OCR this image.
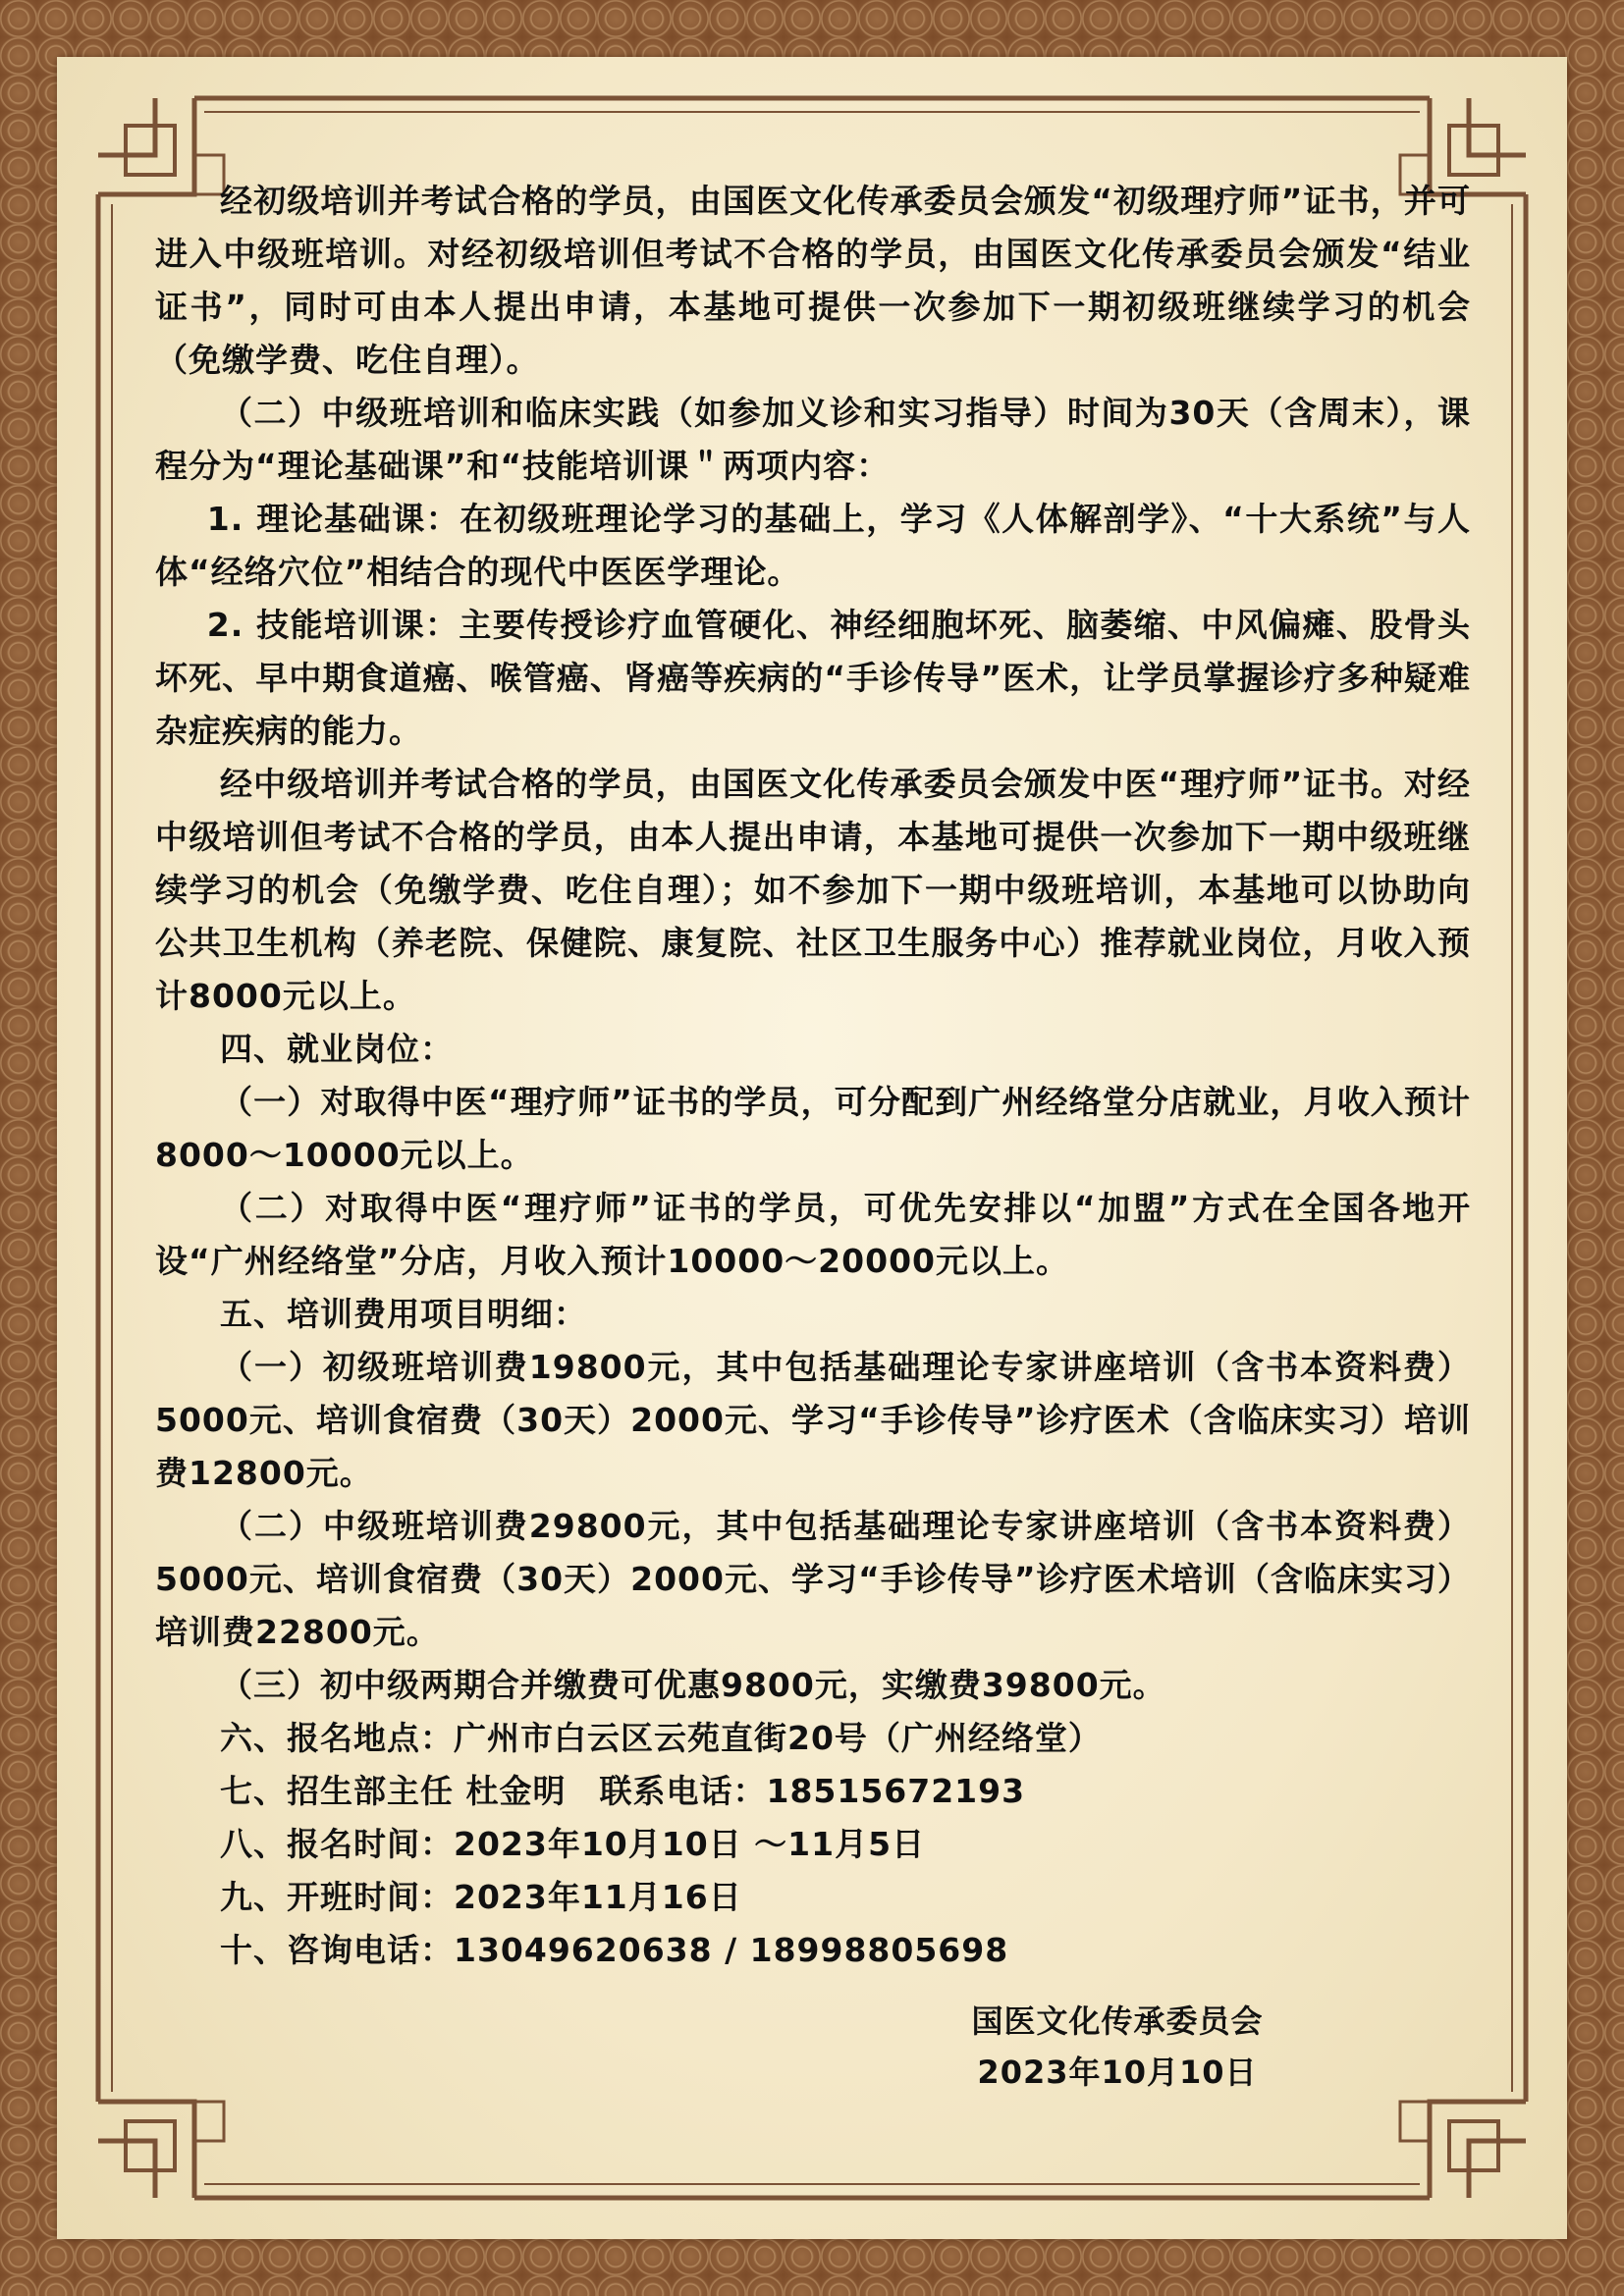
经初级培训并考试合格的学员，由国医文化传承委员会颁发“初级理疗师”证书，并可进入中级班培训。对经初级培训但考试不合格的学员，由国医文化传承委员会颁发“结业证书”，同时可由本人提出申请，本基地可提供一次参加下一期初级班继续学习的机会（免缴学费、吃住自理）。

（二）中级班培训和临床实践（如参加义诊和实习指导）时间为30天（含周末），课程分为“理论基础课”和“技能培训课＂两项内容：

1. 理论基础课：在初级班理论学习的基础上，学习《人体解剖学》、“十大系统”与人体“经络穴位”相结合的现代中医医学理论。

2. 技能培训课：主要传授诊疗血管硬化、神经细胞坏死、脑萎缩、中风偏瘫、股骨头坏死、早中期食道癌、喉管癌、肾癌等疾病的“手诊传导”医术，让学员掌握诊疗多种疑难杂症疾病的能力。

经中级培训并考试合格的学员，由国医文化传承委员会颁发中医“理疗师”证书。对经中级培训但考试不合格的学员，由本人提出申请，本基地可提供一次参加下一期中级班继续学习的机会（免缴学费、吃住自理）；如不参加下一期中级班培训，本基地可以协助向公共卫生机构（养老院、保健院、康复院、社区卫生服务中心）推荐就业岗位，月收入预计8000元以上。

四、就业岗位：

（一）对取得中医“理疗师”证书的学员，可分配到广州经络堂分店就业，月收入预计8000～10000元以上。

（二）对取得中医“理疗师”证书的学员，可优先安排以“加盟”方式在全国各地开设“广州经络堂”分店，月收入预计10000～20000元以上。

五、培训费用项目明细：

（一）初级班培训费19800元，其中包括基础理论专家讲座培训（含书本资料费）5000元、培训食宿费（30天）2000元、学习“手诊传导”诊疗医术（含临床实习）培训费12800元。

（二）中级班培训费29800元，其中包括基础理论专家讲座培训（含书本资料费）5000元、培训食宿费（30天）2000元、学习“手诊传导”诊疗医术培训（含临床实习）培训费22800元。

（三）初中级两期合并缴费可优惠9800元，实缴费39800元。

六、报名地点：广州市白云区云苑直街20号（广州经络堂）

七、招生部主任 杜金明　联系电话：18515672193

八、报名时间：2023年10月10日 ～11月5日

九、开班时间：2023年11月16日

十、咨询电话：13049620638 / 18998805698

国医文化传承委员会
2023年10月10日
